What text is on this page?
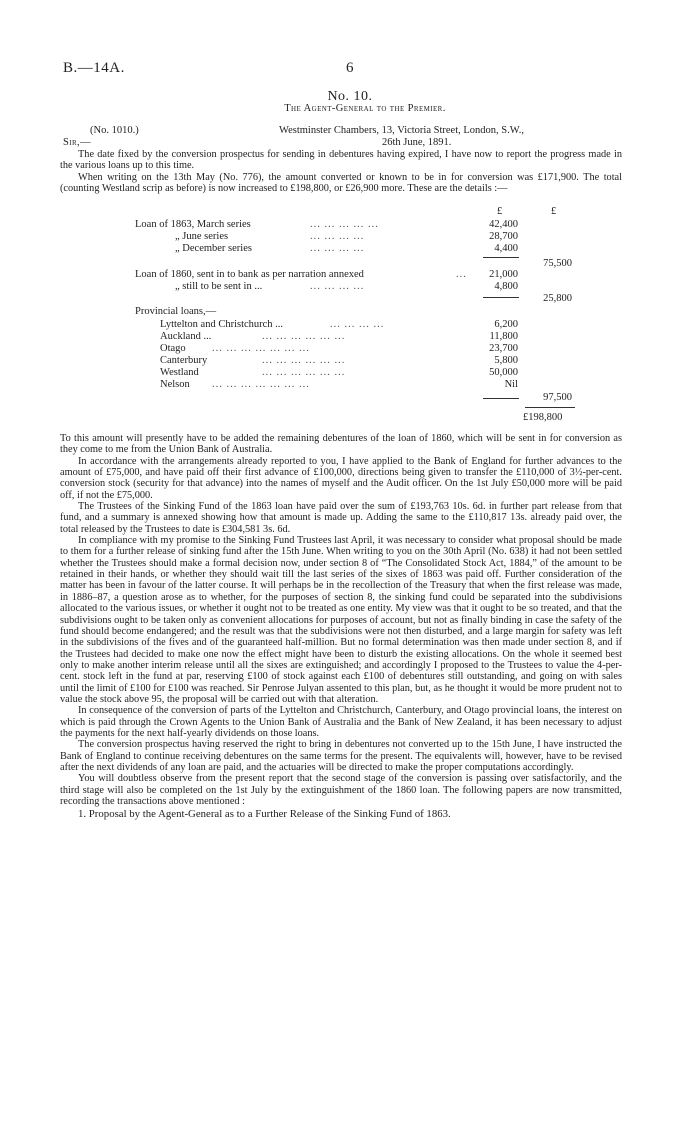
B.—14A.	6
No. 10.
The Agent-General to the Premier.
(No. 1010.)	Westminster Chambers, 13, Victoria Street, London, S.W.,
Sir,—	26th June, 1891.

The date fixed by the conversion prospectus for sending in debentures having expired, I have now to report the progress made in the various loans up to this time.

When writing on the 13th May (No. 776), the amount converted or known to be in for conversion was £171,900. The total (counting Westland scrip as before) is now increased to £198,800, or £26,900 more. These are the details :—

£	£
Loan of 1863, March series	... ... ... ... ...	42,400
„ June series	... ... ... ...	28,700
„ December series	... ... ... ...	4,400
75,500
Loan of 1860, sent in to bank as per narration annexed	...	21,000
„ still to be sent in ...	... ... ... ...	4,800
25,800
Provincial loans,—
Lyttelton and Christchurch ...	... ... ... ...	6,200
Auckland ...	... ... ... ... ... ...	11,800
Otago	... ... ... ... ... ... ...	23,700
Canterbury	... ... ... ... ... ...	5,800
Westland	... ... ... ... ... ...	50,000
Nelson ... ... ... ... ... ... ...	Nil
97,500
£198,800

To this amount will presently have to be added the remaining debentures of the loan of 1860, which will be sent in for conversion as they come to me from the Union Bank of Australia.

In accordance with the arrangements already reported to you, I have applied to the Bank of England for further advances to the amount of £75,000, and have paid off their first advance of £100,000, directions being given to transfer the £110,000 of 3½-per-cent. conversion stock (security for that advance) into the names of myself and the Audit officer. On the 1st July £50,000 more will be paid off, if not the £75,000.

The Trustees of the Sinking Fund of the 1863 loan have paid over the sum of £193,763 10s. 6d. in further part release from that fund, and a summary is annexed showing how that amount is made up. Adding the same to the £110,817 13s. already paid over, the total released by the Trustees to date is £304,581 3s. 6d.

In compliance with my promise to the Sinking Fund Trustees last April, it was necessary to consider what proposal should be made to them for a further release of sinking fund after the 15th June. When writing to you on the 30th April (No. 638) it had not been settled whether the Trustees should make a formal decision now, under section 8 of “The Consolidated Stock Act, 1884,” of the amount to be retained in their hands, or whether they should wait till the last series of the sixes of 1863 was paid off. Further consideration of the matter has been in favour of the latter course. It will perhaps be in the recollection of the Treasury that when the first release was made, in 1886–87, a question arose as to whether, for the purposes of section 8, the sinking fund could be separated into the subdivisions allocated to the various issues, or whether it ought not to be treated as one entity. My view was that it ought to be so treated, and that the subdivisions ought to be taken only as convenient allocations for purposes of account, but not as finally binding in case the safety of the fund should become endangered; and the result was that the subdivisions were not then disturbed, and a large margin for safety was left in the subdivisions of the fives and of the guaranteed half-million. But no formal determination was then made under section 8, and if the Trustees had decided to make one now the effect might have been to disturb the existing allocations. On the whole it seemed best only to make another interim release until all the sixes are extinguished; and accordingly I proposed to the Trustees to value the 4-per-cent. stock left in the fund at par, reserving £100 of stock against each £100 of debentures still outstanding, and going on with sales until the limit of £100 for £100 was reached. Sir Penrose Julyan assented to this plan, but, as he thought it would be more prudent not to value the stock above 95, the proposal will be carried out with that alteration.

In consequence of the conversion of parts of the Lyttelton and Christchurch, Canterbury, and Otago provincial loans, the interest on which is paid through the Crown Agents to the Union Bank of Australia and the Bank of New Zealand, it has been necessary to adjust the payments for the next half-yearly dividends on those loans.

The conversion prospectus having reserved the right to bring in debentures not converted up to the 15th June, I have instructed the Bank of England to continue receiving debentures on the same terms for the present. The equivalents will, however, have to be revised after the next dividends of any loan are paid, and the actuaries will be directed to make the proper computations accordingly.

You will doubtless observe from the present report that the second stage of the conversion is passing over satisfactorily, and the third stage will also be completed on the 1st July by the extinguishment of the 1860 loan. The following papers are now transmitted, recording the transactions above mentioned :

1. Proposal by the Agent-General as to a Further Release of the Sinking Fund of 1863.
